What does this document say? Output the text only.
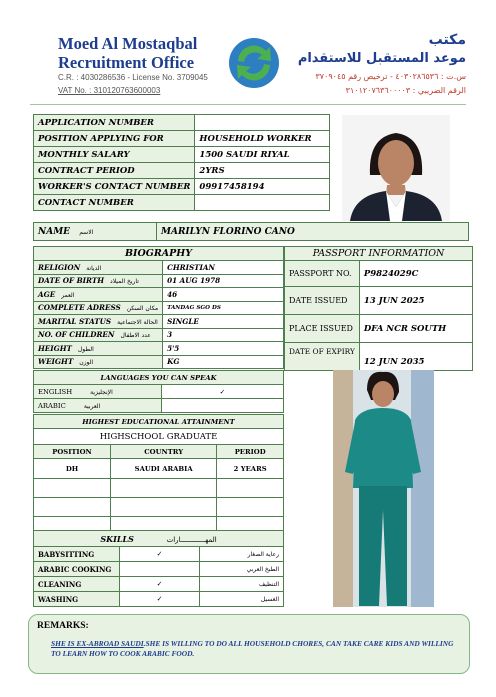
Moed Al Mostaqbal
Recruitment Office
C.R. : 4030286536 - License No. 3709045
VAT No. : 310120763600003
مكتب
موعد المستقبل للاستقدام
س.ت : ٤٠٣٠٢٨٦٥٣٦ - ترخيص رقم ٣٧٠٩٠٤٥
الرقم الضريبي : ٣١٠١٢٠٧٦٣٦٠٠٠٠٣
APPLICATION NUMBER	
POSITION APPLYING FOR	HOUSEHOLD WORKER
MONTHLY SALARY	1500 SAUDI RIYAL
CONTRACT PERIOD	2YRS
WORKER'S CONTACT NUMBER	09917458194
CONTACT NUMBER	
NAME الاسم	MARILYN FLORINO CANO
BIOGRAPHY	
RELIGION الديانة	CHRISTIAN
DATE OF BIRTH تاريخ الميلاد	01 AUG 1978
AGE العمر	46
COMPLETE ADRESS مكان السكن	TANDAG SGO DS
MARITAL STATUS الحالة الاجتماعية	SINGLE
NO. OF CHILDREN عدد الاطفال	3
HEIGHT الطول	5'5
WEIGHT الوزن	KG
PASSPORT INFORMATION	
PASSPORT NO.	P9824029C
DATE ISSUED	13 JUN 2025
PLACE ISSUED	DFA NCR SOUTH
DATE OF EXPIRY	12 JUN 2035
LANGUAGES YOU CAN SPEAK	
ENGLISH الإنجليزية	✓
ARABIC العربية	
HIGHEST EDUCATIONAL ATTAINMENT		
HIGHSCHOOL GRADUATE		
POSITION	COUNTRY	PERIOD
DH	SAUDI ARABIA	2 YEARS

SKILLS المهــــــــــــارات		
BABYSITTING	✓	رعاية الصغار
ARABIC COOKING		الطبخ العربي
CLEANING	✓	التنظيف
WASHING	✓	الغسيل
REMARKS:
SHE IS EX-ABROAD SAUDI.SHE IS WILLING TO DO ALL HOUSEHOLD CHORES, CAN TAKE CARE KIDS AND WILLING TO LEARN HOW TO COOK ARABIC FOOD.
